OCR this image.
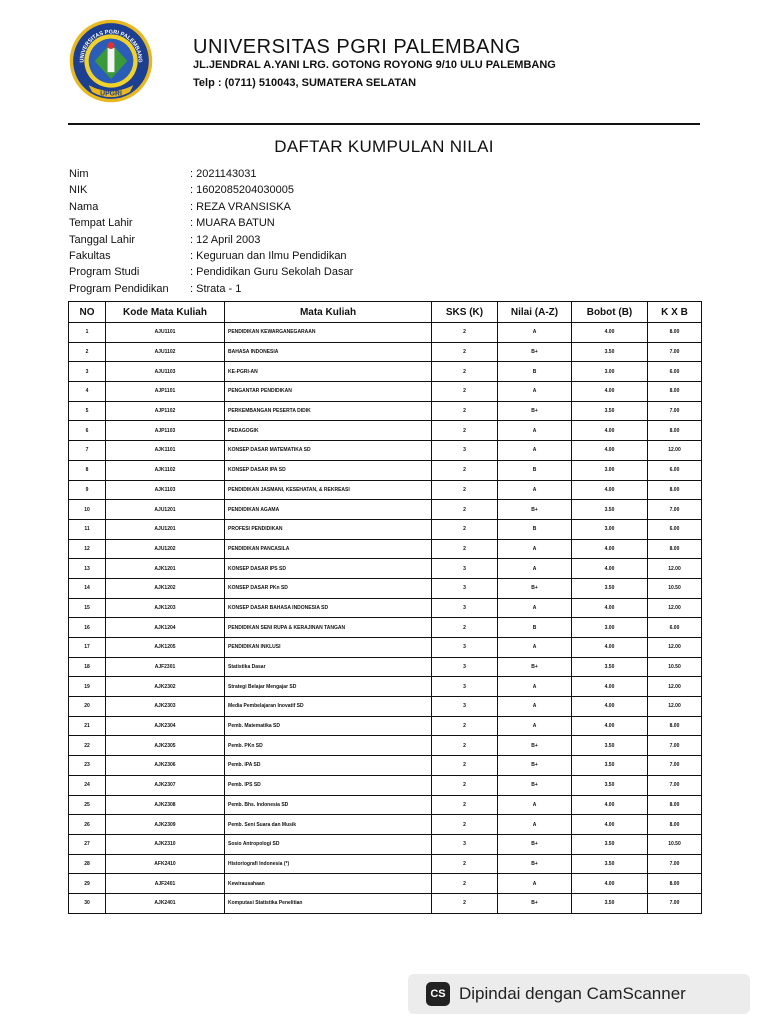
UNIVERSITAS PGRI PALEMBANG
UPGRI
UNIVERSITAS PGRI PALEMBANG
JL.JENDRAL A.YANI LRG. GOTONG ROYONG 9/10 ULU PALEMBANG
Telp : (0711) 510043, SUMATERA SELATAN
DAFTAR KUMPULAN NILAI
Nim	: 2021143031
NIK	: 1602085204030005
Nama	: REZA VRANSISKA
Tempat Lahir	: MUARA BATUN
Tanggal Lahir	: 12 April 2003
Fakultas	: Keguruan dan Ilmu Pendidikan
Program Studi	: Pendidikan Guru Sekolah Dasar
Program Pendidikan : Strata - 1
NO	Kode Mata Kuliah	Mata Kuliah	SKS (K)	Nilai (A-Z)	Bobot (B)	K X B
1	AJU1101	PENDIDIKAN KEWARGANEGARAAN	2	A	4.00	8.00
2	AJU1102	BAHASA INDONESIA	2	B+	3.50	7.00
3	AJU1103	KE-PGRI-AN	2	B	3.00	6.00
4	AJP1101	PENGANTAR PENDIDIKAN	2	A	4.00	8.00
5	AJP1102	PERKEMBANGAN PESERTA DIDIK	2	B+	3.50	7.00
6	AJP1103	PEDAGOGIK	2	A	4.00	8.00
7	AJK1101	KONSEP DASAR MATEMATIKA SD	3	A	4.00	12.00
8	AJK1102	KONSEP DASAR IPA SD	2	B	3.00	6.00
9	AJK1103	PENDIDIKAN JASMANI, KESEHATAN, & REKREASI	2	A	4.00	8.00
10	AJU1201	PENDIDIKAN AGAMA	2	B+	3.50	7.00
11	AJU1201	PROFESI PENDIDIKAN	2	B	3.00	6.00
12	AJU1202	PENDIDIKAN PANCASILA	2	A	4.00	8.00
13	AJK1201	KONSEP DASAR IPS SD	3	A	4.00	12.00
14	AJK1202	KONSEP DASAR PKn SD	3	B+	3.50	10.50
15	AJK1203	KONSEP DASAR BAHASA INDONESIA SD	3	A	4.00	12.00
16	AJK1204	PENDIDIKAN SENI RUPA & KERAJINAN TANGAN	2	B	3.00	6.00
17	AJK1205	PENDIDIKAN INKLUSI	3	A	4.00	12.00
18	AJF2301	Statistika Dasar	3	B+	3.50	10.50
19	AJK2302	Strategi Belajar Mengajar SD	3	A	4.00	12.00
20	AJK2303	Media Pembelajaran Inovatif SD	3	A	4.00	12.00
21	AJK2304	Pemb. Matematika SD	2	A	4.00	8.00
22	AJK2305	Pemb. PKn SD	2	B+	3.50	7.00
23	AJK2306	Pemb. IPA SD	2	B+	3.50	7.00
24	AJK2307	Pemb. IPS SD	2	B+	3.50	7.00
25	AJK2308	Pemb. Bhs. Indonesia SD	2	A	4.00	8.00
26	AJK2309	Pemb. Seni Suara dan Musik	2	A	4.00	8.00
27	AJK2310	Sosio Antropologi SD	3	B+	3.50	10.50
28	AFK2410	Historiografi Indonesia (*)	2	B+	3.50	7.00
29	AJF2401	Kewirausahaan	2	A	4.00	8.00
30	AJK2401	Komputasi Statistika Penelitian	2	B+	3.50	7.00
CS Dipindai dengan CamScanner
